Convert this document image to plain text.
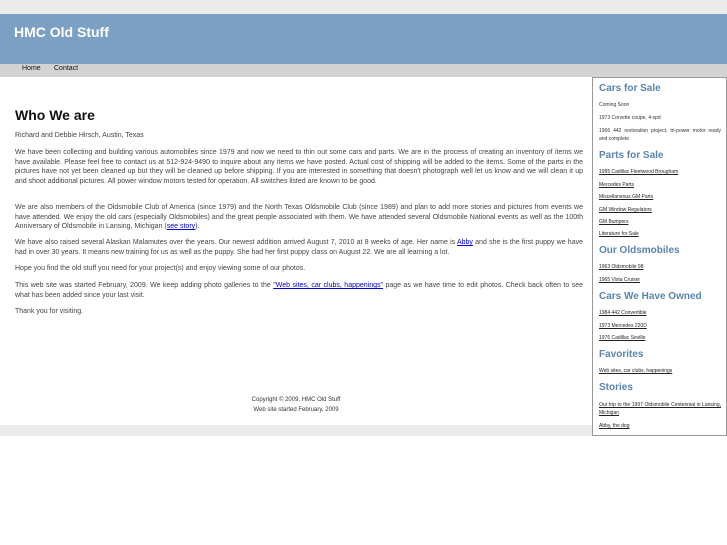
HMC Old Stuff
Home Contact
Who We are
Richard and Debbie Hirsch, Austin, Texas
We have been collecting and building various automobiles since 1979 and now we need to thin out some cars and parts. We are in the process of creating an inventory of items we have available. Please feel free to contact us at 512-924-9490 to inquire about any items we have posted. Actual cost of shipping will be added to the items. Some of the parts in the pictures have not yet been cleaned up but they will be cleaned up before shipping. If you are interested in something that doesn't photograph well let us know and we will clean it up and shoot additional pictures. All power window motors tested for operation. All switches listed are known to be good.
We are also members of the Oldsmobile Club of America (since 1979) and the North Texas Oldsmobile Club (since 1989) and plan to add more stories and pictures from events we have attended. We enjoy the old cars (especially Oldsmobiles) and the great people associated with them. We have attended several Oldsmobile National events as well as the 100th Anniversary of Oldsmobile in Lansing, Michigan (see story).
We have also raised several Alaskan Malamutes over the years. Our newest addition arrived August 7, 2010 at 8 weeks of age. Her name is Abby and she is the first puppy we have had in over 30 years. It means new training for us as well as the puppy. She had her first puppy class on August 22. We are all learning a lot.
Hope you find the old stuff you need for your project(s) and enjoy viewing some of our photos.
This web site was started February, 2009. We keep adding photo galleries to the "Web sites, car clubs, happenings" page as we have time to edit photos. Check back often to see what has been added since your last visit.
Thank you for visiting.
Copyright © 2009. HMC Old Stuff
Web site started February, 2009
Cars for Sale
Coming Soon
1973 Corvette coupe, 4-spd
1966 442 restoration project, tri-power motor ready and complete
Parts for Sale
1995 Cadillac Fleetwood Brougham
Mercedes Parts
Miscellaneous GM Parts
GM Window Regulators
GM Bumpers
Literature for Sale
Our Oldsmobiles
1963 Oldsmobile 98
1965 Vista Cruiser
Cars We Have Owned
1984 442 Convertible
1973 Mercedes 220D
1976 Cadillac Seville
Favorites
Web sites, car clubs, happenings
Stories
Our trip to the 1997 Oldsmobile Centennial in Lansing, Michigan
Abby, the dog
